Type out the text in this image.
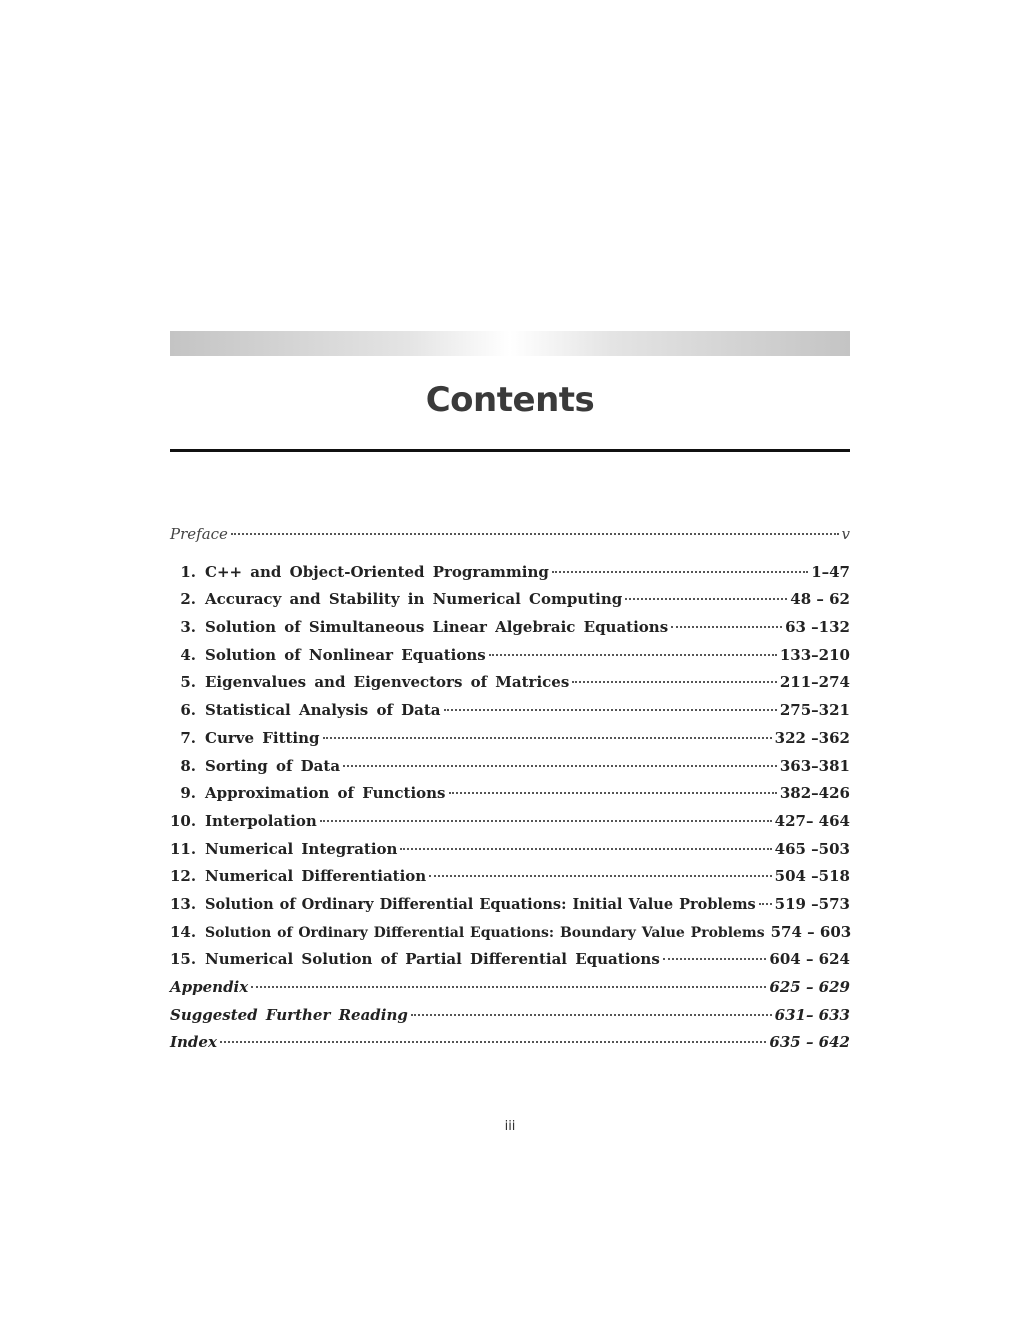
Contents
Preface	v
1. C++ and Object-Oriented Programming	1–47
2. Accuracy and Stability in Numerical Computing	48 – 62
3. Solution of Simultaneous Linear Algebraic Equations	63 –132
4. Solution of Nonlinear Equations	133–210
5. Eigenvalues and Eigenvectors of Matrices	211–274
6. Statistical Analysis of Data	275–321
7. Curve Fitting	322 –362
8. Sorting of Data	363–381
9. Approximation of Functions	382–426
10. Interpolation	427– 464
11. Numerical Integration	465 –503
12. Numerical Differentiation	504 –518
13. Solution of Ordinary Differential Equations: Initial Value Problems 519 –573
14. Solution of Ordinary Differential Equations: Boundary Value Problems 574 – 603
15. Numerical Solution of Partial Differential Equations	604 – 624
Appendix	625 – 629
Suggested Further Reading	631– 633
Index	635 – 642
iii
